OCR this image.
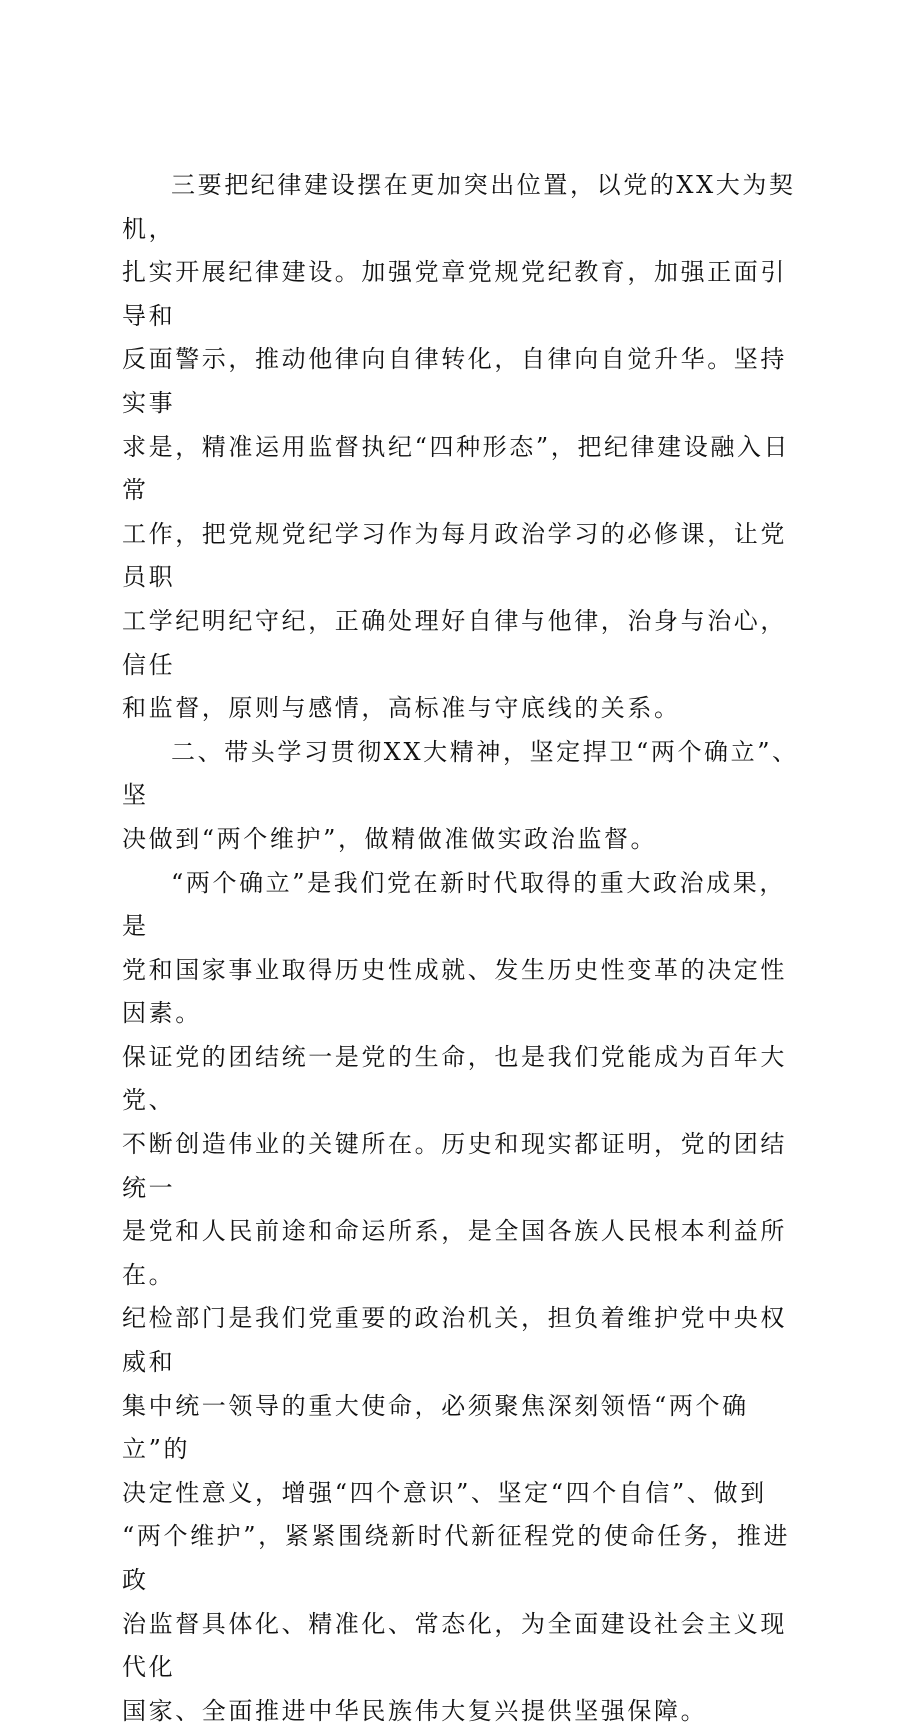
三要把纪律建设摆在更加突出位置，以党的XX大为契机，
扎实开展纪律建设。加强党章党规党纪教育，加强正面引导和
反面警示，推动他律向自律转化，自律向自觉升华。坚持实事
求是，精准运用监督执纪“四种形态”，把纪律建设融入日常
工作，把党规党纪学习作为每月政治学习的必修课，让党员职
工学纪明纪守纪，正确处理好自律与他律，治身与治心，信任
和监督，原则与感情，高标准与守底线的关系。

二、带头学习贯彻XX大精神，坚定捍卫“两个确立”、坚
决做到“两个维护”，做精做准做实政治监督。

“两个确立”是我们党在新时代取得的重大政治成果，是
党和国家事业取得历史性成就、发生历史性变革的决定性因素。
保证党的团结统一是党的生命，也是我们党能成为百年大党、
不断创造伟业的关键所在。历史和现实都证明，党的团结统一
是党和人民前途和命运所系，是全国各族人民根本利益所在。
纪检部门是我们党重要的政治机关，担负着维护党中央权威和
集中统一领导的重大使命，必须聚焦深刻领悟“两个确立”的
决定性意义，增强“四个意识”、坚定“四个自信”、做到
“两个维护”，紧紧围绕新时代新征程党的使命任务，推进政
治监督具体化、精准化、常态化，为全面建设社会主义现代化
国家、全面推进中华民族伟大复兴提供坚强保障。
